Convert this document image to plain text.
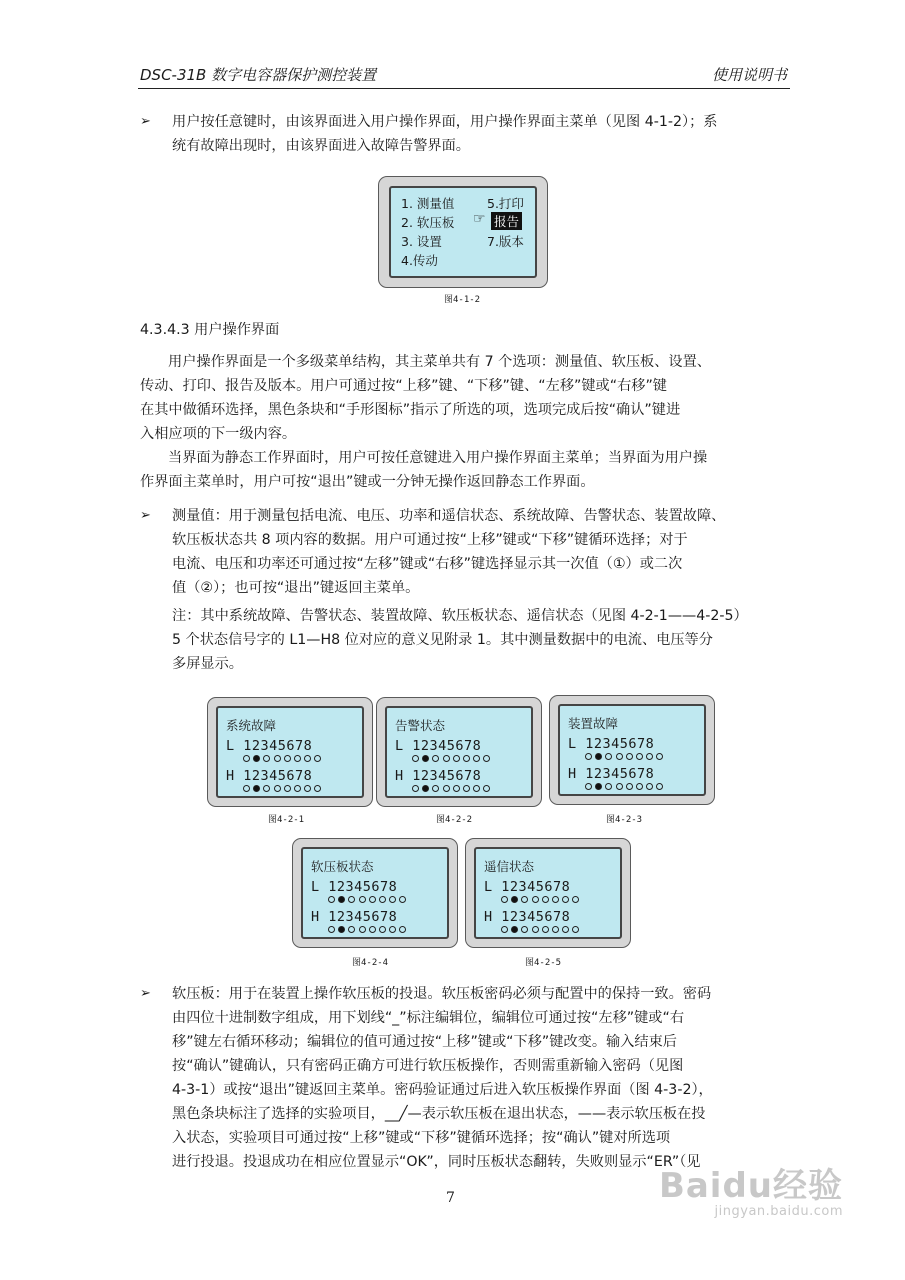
DSC-31B 数字电容器保护测控装置	使用说明书
➢ 用户按任意键时，由该界面进入用户操作界面，用户操作界面主菜单（见图 4-1-2）；系
统有故障出现时，由该界面进入故障告警界面。
1. 测量值
2. 软压板
3. 设置
4.传动
5.打印
☞ 报告
7.版本
图4-1-2
4.3.4.3 用户操作界面
用户操作界面是一个多级菜单结构，其主菜单共有 7 个选项：测量值、软压板、设置、
传动、打印、报告及版本。用户可通过按“上移”键、“下移”键、“左移”键或“右移”键
在其中做循环选择，黑色条块和“手形图标”指示了所选的项，选项完成后按“确认”键进
入相应项的下一级内容。
当界面为静态工作界面时，用户可按任意键进入用户操作界面主菜单；当界面为用户操
作界面主菜单时，用户可按“退出”键或一分钟无操作返回静态工作界面。
➢ 测量值：用于测量包括电流、电压、功率和遥信状态、系统故障、告警状态、装置故障、
软压板状态共 8 项内容的数据。用户可通过按“上移”键或“下移”键循环选择；对于
电流、电压和功率还可通过按“左移”键或“右移”键选择显示其一次值（①）或二次
值（②）；也可按“退出”键返回主菜单。
注：其中系统故障、告警状态、装置故障、软压板状态、遥信状态（见图 4-2-1——4-2-5）
5 个状态信号字的 L1—H8 位对应的意义见附录 1。其中测量数据中的电流、电压等分
多屏显示。
系统故障
L 12345678
H 12345678
图4-2-1
告警状态
L 12345678
H 12345678
图4-2-2
装置故障
L 12345678
H 12345678
图4-2-3
软压板状态
L 12345678
H 12345678
图4-2-4
遥信状态
L 12345678
H 12345678
图4-2-5
➢ 软压板：用于在装置上操作软压板的投退。软压板密码必须与配置中的保持一致。密码
由四位十进制数字组成，用下划线“_”标注编辑位，编辑位可通过按“左移”键或“右
移”键左右循环移动；编辑位的值可通过按“上移”键或“下移”键改变。输入结束后
按“确认”键确认，只有密码正确方可进行软压板操作，否则需重新输入密码（见图
4-3-1）或按“退出”键返回主菜单。密码验证通过后进入软压板操作界面（图 4-3-2），
黑色条块标注了选择的实验项目，__╱—表示软压板在退出状态，——表示软压板在投
入状态，实验项目可通过按“上移”键或“下移”键循环选择；按“确认”键对所选项
进行投退。投退成功在相应位置显示“OK”，同时压板状态翻转，失败则显示“ER”（见
7	Baidu经验
jingyan.baidu.com
